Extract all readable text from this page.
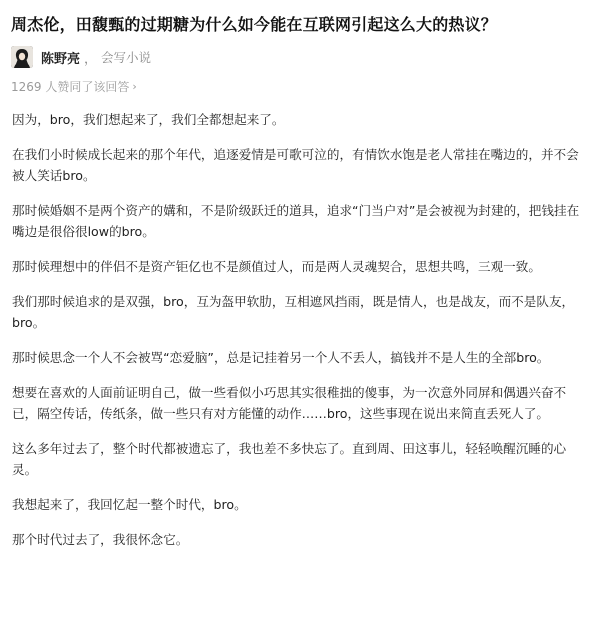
周杰伦，田馥甄的过期糖为什么如今能在互联网引起这么大的热议？
陈野亮 ， 会写小说
1269 人赞同了该回答 ›

因为，bro，我们想起来了，我们全都想起来了。

在我们小时候成长起来的那个年代，追逐爱情是可歌可泣的，有情饮水饱是老人常挂在嘴边的，并不会被人笑话bro。

那时候婚姻不是两个资产的媾和，不是阶级跃迁的道具，追求“门当户对”是会被视为封建的，把钱挂在嘴边是很俗很low的bro。

那时候理想中的伴侣不是资产钜亿也不是颜值过人，而是两人灵魂契合，思想共鸣，三观一致。

我们那时候追求的是双强，bro，互为盔甲软肋，互相遮风挡雨，既是情人，也是战友，而不是队友，bro。

那时候思念一个人不会被骂“恋爱脑”，总是记挂着另一个人不丢人，搞钱并不是人生的全部bro。

想要在喜欢的人面前证明自己，做一些看似小巧思其实很稚拙的傻事，为一次意外同屏和偶遇兴奋不已，隔空传话，传纸条，做一些只有对方能懂的动作……bro，这些事现在说出来简直丢死人了。

这么多年过去了，整个时代都被遗忘了，我也差不多快忘了。直到周、田这事儿，轻轻唤醒沉睡的心灵。

我想起来了，我回忆起一整个时代，bro。

那个时代过去了，我很怀念它。
